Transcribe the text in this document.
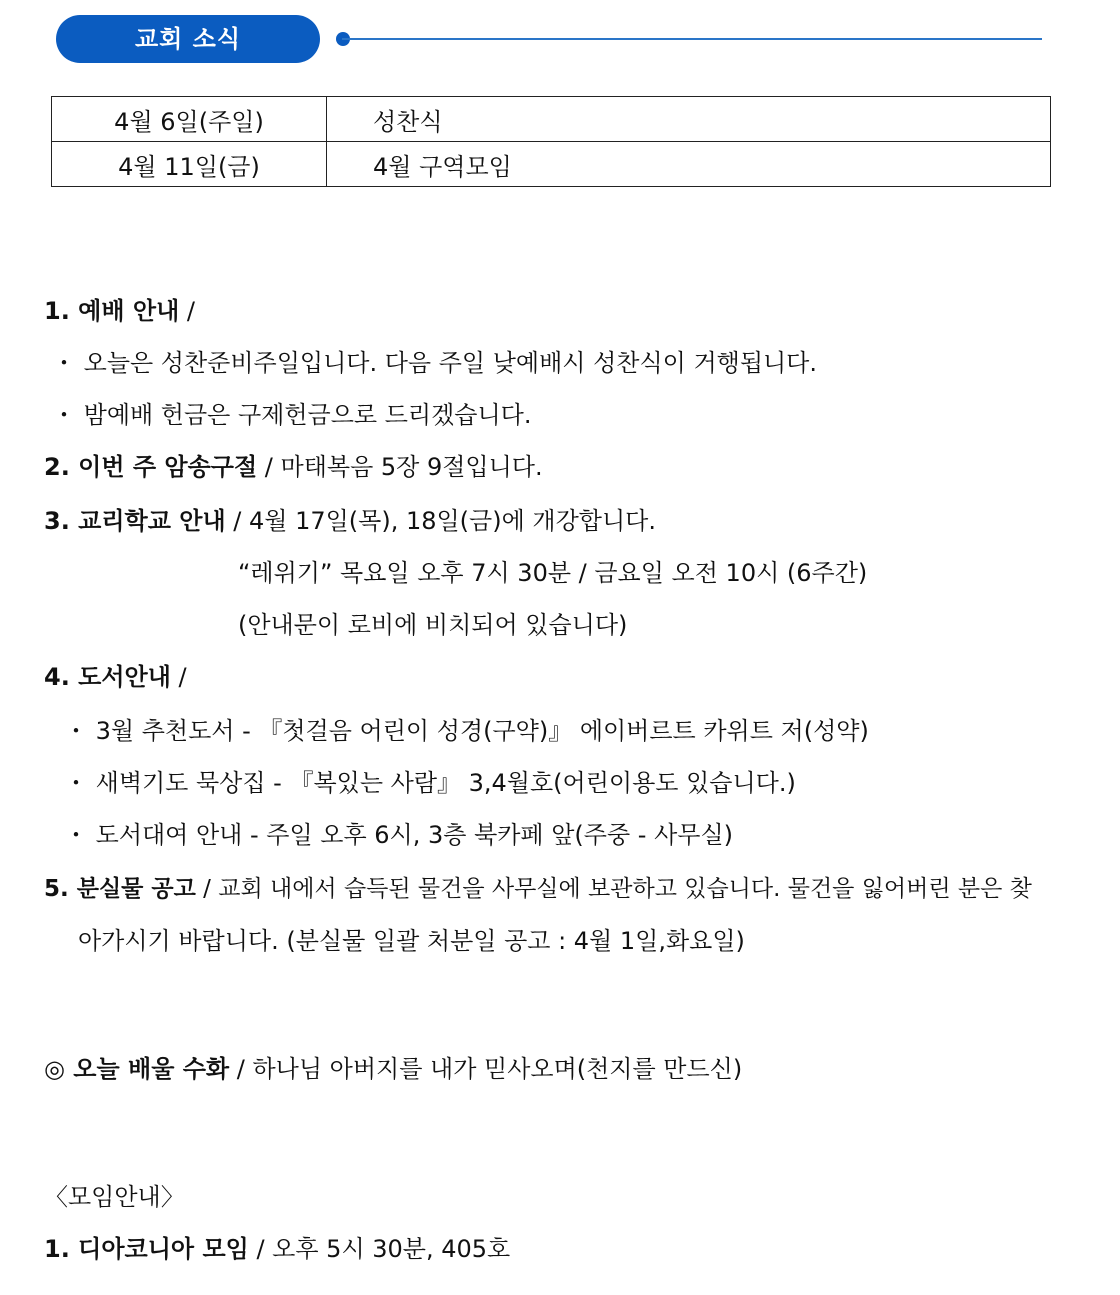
교회 소식
4월 6일(주일)	성찬식
4월 11일(금)	4월 구역모임
1. 예배 안내 /
・ 오늘은 성찬준비주일입니다. 다음 주일 낮예배시 성찬식이 거행됩니다.
・ 밤예배 헌금은 구제헌금으로 드리겠습니다.
2. 이번 주 암송구절 / 마태복음 5장 9절입니다.
3. 교리학교 안내 / 4월 17일(목), 18일(금)에 개강합니다.
“레위기” 목요일 오후 7시 30분 / 금요일 오전 10시 (6주간)
(안내문이 로비에 비치되어 있습니다)
4. 도서안내 /
・ 3월 추천도서 - 『첫걸음 어린이 성경(구약)』 에이버르트 카위트 저(성약)
・ 새벽기도 묵상집 - 『복있는 사람』 3,4월호(어린이용도 있습니다.)
・ 도서대여 안내 - 주일 오후 6시, 3층 북카페 앞(주중 - 사무실)
5. 분실물 공고 / 교회 내에서 습득된 물건을 사무실에 보관하고 있습니다. 물건을 잃어버린 분은 찾
아가시기 바랍니다. (분실물 일괄 처분일 공고 : 4월 1일,화요일)
◎ 오늘 배울 수화 / 하나님 아버지를 내가 믿사오며(천지를 만드신)
〈모임안내〉
1. 디아코니아 모임 / 오후 5시 30분, 405호
